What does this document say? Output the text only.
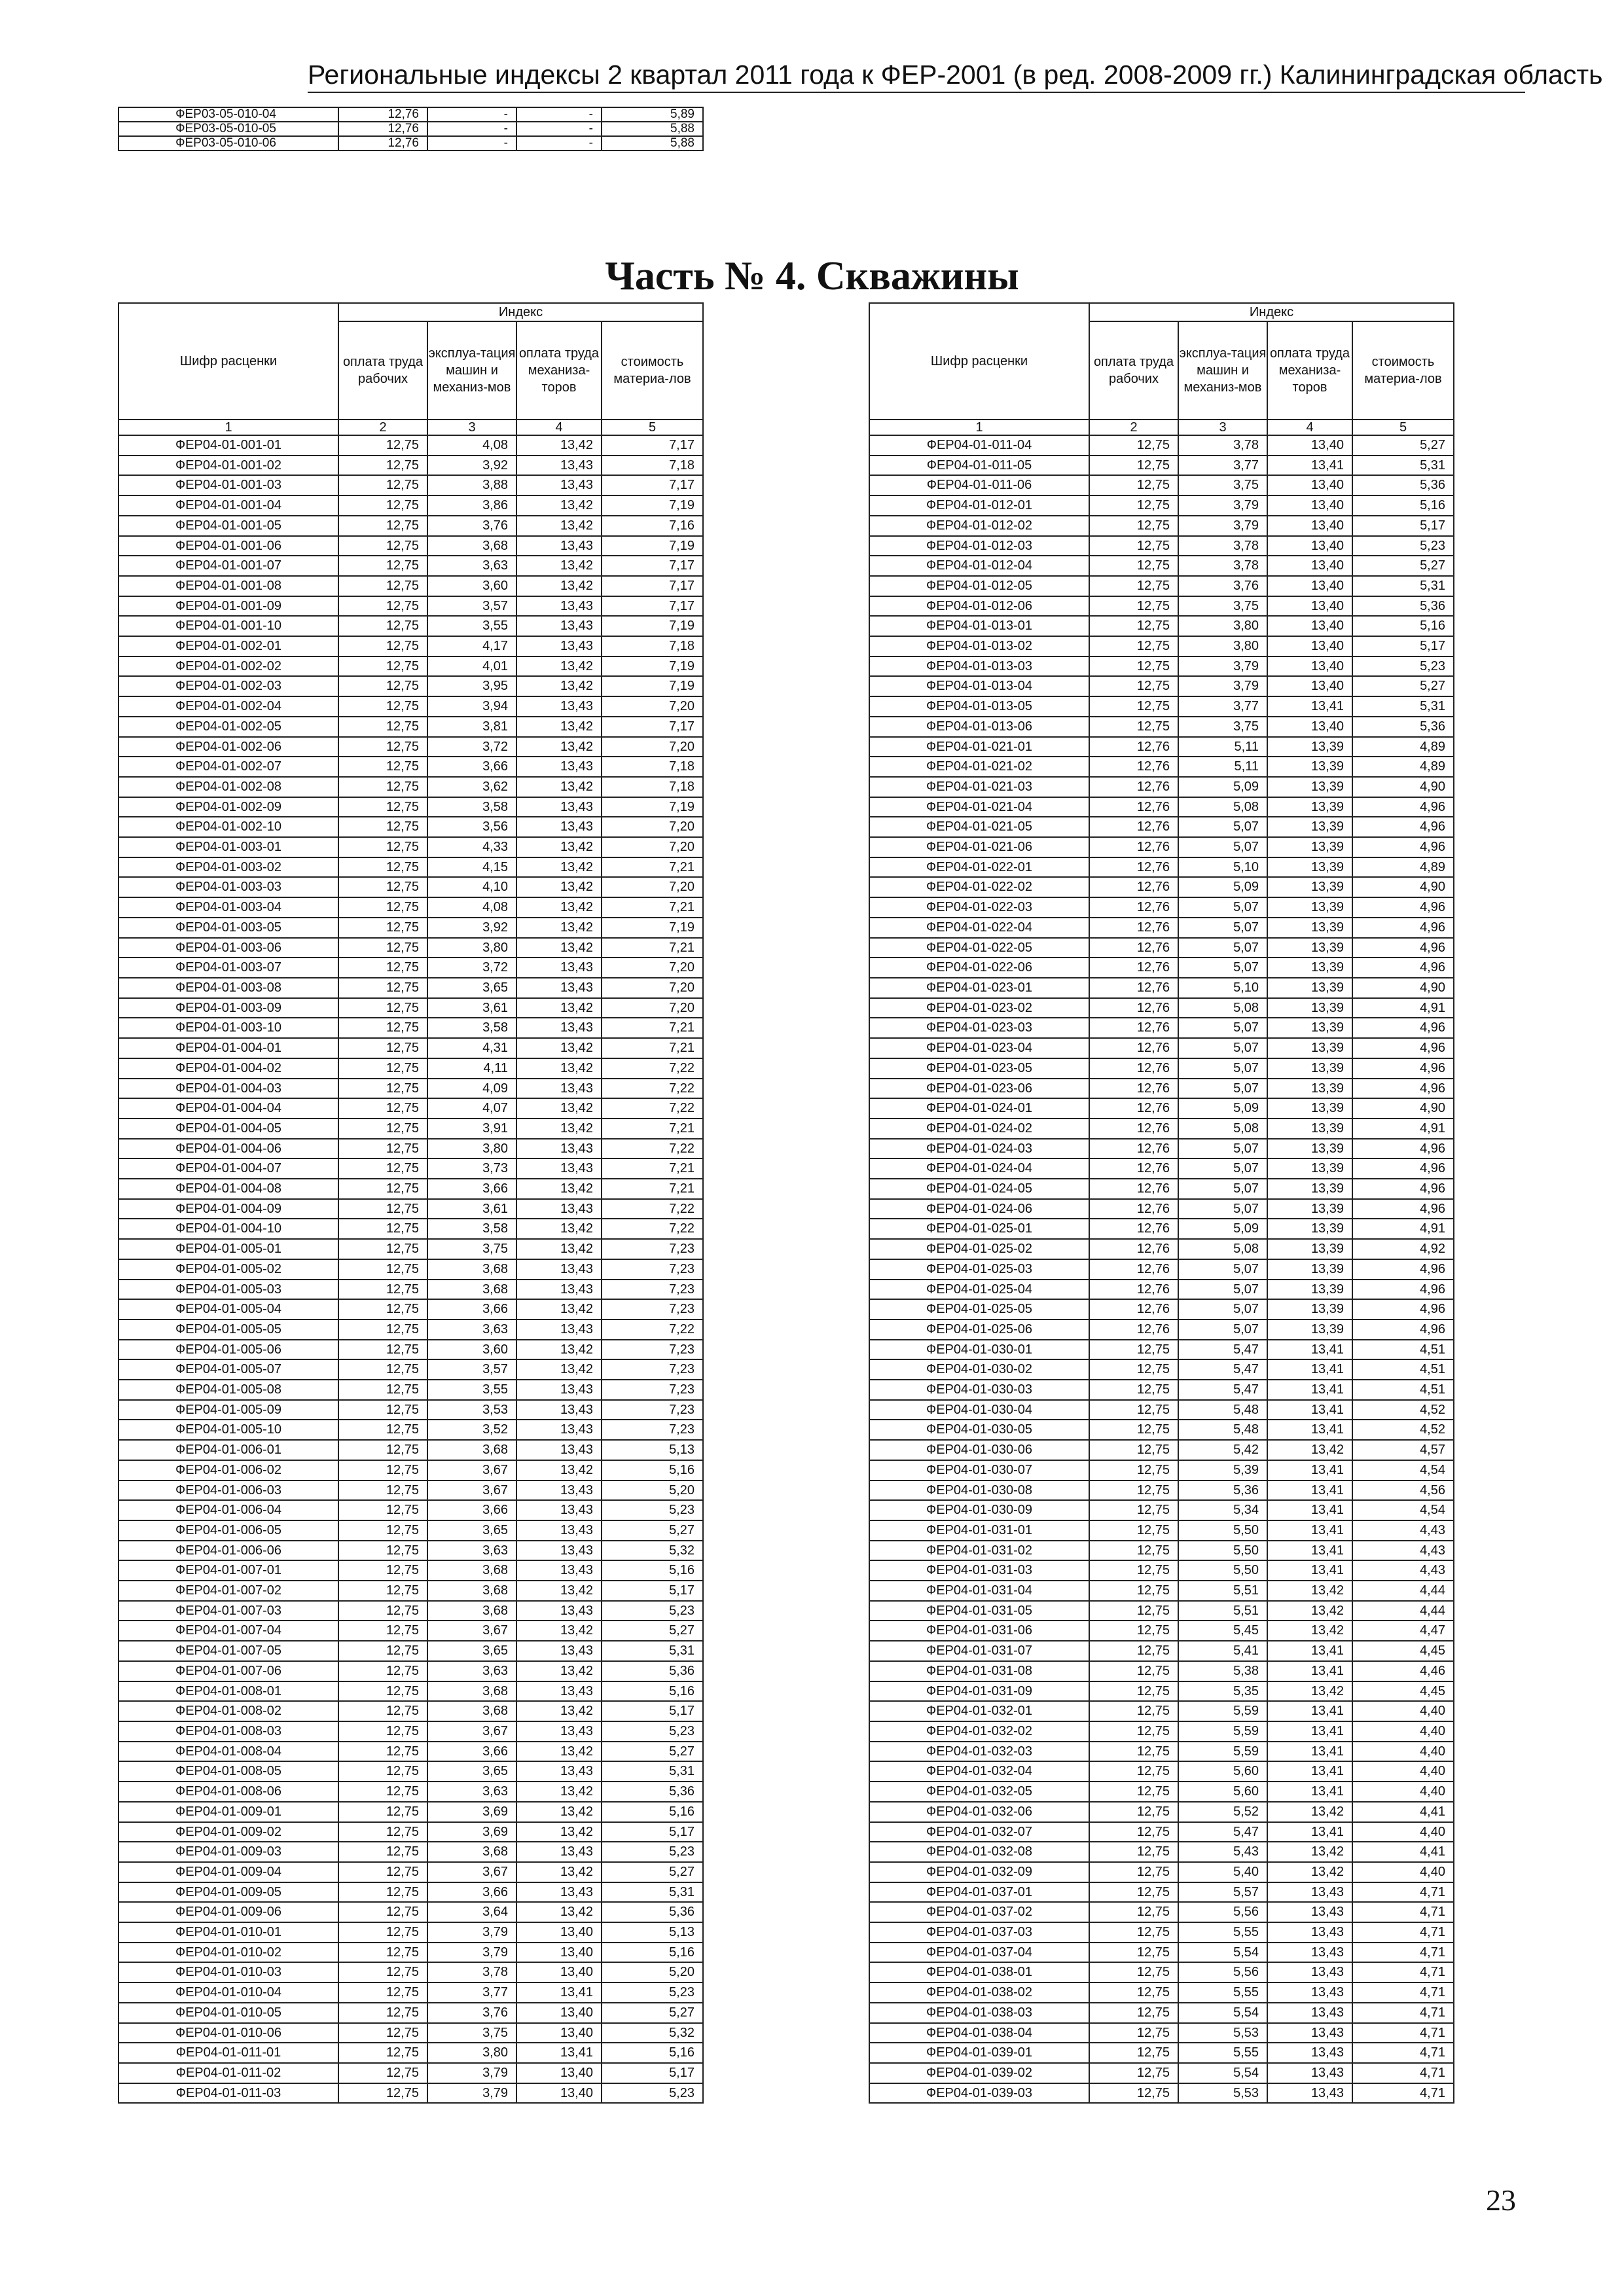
Региональные индексы 2 квартал 2011 года к ФЕР-2001 (в ред. 2008-2009 гг.) Калининградская область
ФЕР03-05-010-04	12,76	-	-	5,89
ФЕР03-05-010-05	12,76	-	-	5,88
ФЕР03-05-010-06	12,76	-	-	5,88
Часть № 4. Скважины
Шифр расценки	Индекс			
	оплата труда рабочих	эксплуа-тация машин и механиз-мов	оплата труда механиза-торов	стоимость материа-лов
1	2	3	4	5
ФЕР04-01-001-01	12,75	4,08	13,42	7,17
ФЕР04-01-001-02	12,75	3,92	13,43	7,18
ФЕР04-01-001-03	12,75	3,88	13,43	7,17
ФЕР04-01-001-04	12,75	3,86	13,42	7,19
ФЕР04-01-001-05	12,75	3,76	13,42	7,16
ФЕР04-01-001-06	12,75	3,68	13,43	7,19
ФЕР04-01-001-07	12,75	3,63	13,42	7,17
ФЕР04-01-001-08	12,75	3,60	13,42	7,17
ФЕР04-01-001-09	12,75	3,57	13,43	7,17
ФЕР04-01-001-10	12,75	3,55	13,43	7,19
ФЕР04-01-002-01	12,75	4,17	13,43	7,18
ФЕР04-01-002-02	12,75	4,01	13,42	7,19
ФЕР04-01-002-03	12,75	3,95	13,42	7,19
ФЕР04-01-002-04	12,75	3,94	13,43	7,20
ФЕР04-01-002-05	12,75	3,81	13,42	7,17
ФЕР04-01-002-06	12,75	3,72	13,42	7,20
ФЕР04-01-002-07	12,75	3,66	13,43	7,18
ФЕР04-01-002-08	12,75	3,62	13,42	7,18
ФЕР04-01-002-09	12,75	3,58	13,43	7,19
ФЕР04-01-002-10	12,75	3,56	13,43	7,20
ФЕР04-01-003-01	12,75	4,33	13,42	7,20
ФЕР04-01-003-02	12,75	4,15	13,42	7,21
ФЕР04-01-003-03	12,75	4,10	13,42	7,20
ФЕР04-01-003-04	12,75	4,08	13,42	7,21
ФЕР04-01-003-05	12,75	3,92	13,42	7,19
ФЕР04-01-003-06	12,75	3,80	13,42	7,21
ФЕР04-01-003-07	12,75	3,72	13,43	7,20
ФЕР04-01-003-08	12,75	3,65	13,43	7,20
ФЕР04-01-003-09	12,75	3,61	13,42	7,20
ФЕР04-01-003-10	12,75	3,58	13,43	7,21
ФЕР04-01-004-01	12,75	4,31	13,42	7,21
ФЕР04-01-004-02	12,75	4,11	13,42	7,22
ФЕР04-01-004-03	12,75	4,09	13,43	7,22
ФЕР04-01-004-04	12,75	4,07	13,42	7,22
ФЕР04-01-004-05	12,75	3,91	13,42	7,21
ФЕР04-01-004-06	12,75	3,80	13,43	7,22
ФЕР04-01-004-07	12,75	3,73	13,43	7,21
ФЕР04-01-004-08	12,75	3,66	13,42	7,21
ФЕР04-01-004-09	12,75	3,61	13,43	7,22
ФЕР04-01-004-10	12,75	3,58	13,42	7,22
ФЕР04-01-005-01	12,75	3,75	13,42	7,23
ФЕР04-01-005-02	12,75	3,68	13,43	7,23
ФЕР04-01-005-03	12,75	3,68	13,43	7,23
ФЕР04-01-005-04	12,75	3,66	13,42	7,23
ФЕР04-01-005-05	12,75	3,63	13,43	7,22
ФЕР04-01-005-06	12,75	3,60	13,42	7,23
ФЕР04-01-005-07	12,75	3,57	13,42	7,23
ФЕР04-01-005-08	12,75	3,55	13,43	7,23
ФЕР04-01-005-09	12,75	3,53	13,43	7,23
ФЕР04-01-005-10	12,75	3,52	13,43	7,23
ФЕР04-01-006-01	12,75	3,68	13,43	5,13
ФЕР04-01-006-02	12,75	3,67	13,42	5,16
ФЕР04-01-006-03	12,75	3,67	13,43	5,20
ФЕР04-01-006-04	12,75	3,66	13,43	5,23
ФЕР04-01-006-05	12,75	3,65	13,43	5,27
ФЕР04-01-006-06	12,75	3,63	13,43	5,32
ФЕР04-01-007-01	12,75	3,68	13,43	5,16
ФЕР04-01-007-02	12,75	3,68	13,42	5,17
ФЕР04-01-007-03	12,75	3,68	13,43	5,23
ФЕР04-01-007-04	12,75	3,67	13,42	5,27
ФЕР04-01-007-05	12,75	3,65	13,43	5,31
ФЕР04-01-007-06	12,75	3,63	13,42	5,36
ФЕР04-01-008-01	12,75	3,68	13,43	5,16
ФЕР04-01-008-02	12,75	3,68	13,42	5,17
ФЕР04-01-008-03	12,75	3,67	13,43	5,23
ФЕР04-01-008-04	12,75	3,66	13,42	5,27
ФЕР04-01-008-05	12,75	3,65	13,43	5,31
ФЕР04-01-008-06	12,75	3,63	13,42	5,36
ФЕР04-01-009-01	12,75	3,69	13,42	5,16
ФЕР04-01-009-02	12,75	3,69	13,42	5,17
ФЕР04-01-009-03	12,75	3,68	13,43	5,23
ФЕР04-01-009-04	12,75	3,67	13,42	5,27
ФЕР04-01-009-05	12,75	3,66	13,43	5,31
ФЕР04-01-009-06	12,75	3,64	13,42	5,36
ФЕР04-01-010-01	12,75	3,79	13,40	5,13
ФЕР04-01-010-02	12,75	3,79	13,40	5,16
ФЕР04-01-010-03	12,75	3,78	13,40	5,20
ФЕР04-01-010-04	12,75	3,77	13,41	5,23
ФЕР04-01-010-05	12,75	3,76	13,40	5,27
ФЕР04-01-010-06	12,75	3,75	13,40	5,32
ФЕР04-01-011-01	12,75	3,80	13,41	5,16
ФЕР04-01-011-02	12,75	3,79	13,40	5,17
ФЕР04-01-011-03	12,75	3,79	13,40	5,23
Шифр расценки	Индекс			
	оплата труда рабочих	эксплуа-тация машин и механиз-мов	оплата труда механиза-торов	стоимость материа-лов
1	2	3	4	5
ФЕР04-01-011-04	12,75	3,78	13,40	5,27
ФЕР04-01-011-05	12,75	3,77	13,41	5,31
ФЕР04-01-011-06	12,75	3,75	13,40	5,36
ФЕР04-01-012-01	12,75	3,79	13,40	5,16
ФЕР04-01-012-02	12,75	3,79	13,40	5,17
ФЕР04-01-012-03	12,75	3,78	13,40	5,23
ФЕР04-01-012-04	12,75	3,78	13,40	5,27
ФЕР04-01-012-05	12,75	3,76	13,40	5,31
ФЕР04-01-012-06	12,75	3,75	13,40	5,36
ФЕР04-01-013-01	12,75	3,80	13,40	5,16
ФЕР04-01-013-02	12,75	3,80	13,40	5,17
ФЕР04-01-013-03	12,75	3,79	13,40	5,23
ФЕР04-01-013-04	12,75	3,79	13,40	5,27
ФЕР04-01-013-05	12,75	3,77	13,41	5,31
ФЕР04-01-013-06	12,75	3,75	13,40	5,36
ФЕР04-01-021-01	12,76	5,11	13,39	4,89
ФЕР04-01-021-02	12,76	5,11	13,39	4,89
ФЕР04-01-021-03	12,76	5,09	13,39	4,90
ФЕР04-01-021-04	12,76	5,08	13,39	4,96
ФЕР04-01-021-05	12,76	5,07	13,39	4,96
ФЕР04-01-021-06	12,76	5,07	13,39	4,96
ФЕР04-01-022-01	12,76	5,10	13,39	4,89
ФЕР04-01-022-02	12,76	5,09	13,39	4,90
ФЕР04-01-022-03	12,76	5,07	13,39	4,96
ФЕР04-01-022-04	12,76	5,07	13,39	4,96
ФЕР04-01-022-05	12,76	5,07	13,39	4,96
ФЕР04-01-022-06	12,76	5,07	13,39	4,96
ФЕР04-01-023-01	12,76	5,10	13,39	4,90
ФЕР04-01-023-02	12,76	5,08	13,39	4,91
ФЕР04-01-023-03	12,76	5,07	13,39	4,96
ФЕР04-01-023-04	12,76	5,07	13,39	4,96
ФЕР04-01-023-05	12,76	5,07	13,39	4,96
ФЕР04-01-023-06	12,76	5,07	13,39	4,96
ФЕР04-01-024-01	12,76	5,09	13,39	4,90
ФЕР04-01-024-02	12,76	5,08	13,39	4,91
ФЕР04-01-024-03	12,76	5,07	13,39	4,96
ФЕР04-01-024-04	12,76	5,07	13,39	4,96
ФЕР04-01-024-05	12,76	5,07	13,39	4,96
ФЕР04-01-024-06	12,76	5,07	13,39	4,96
ФЕР04-01-025-01	12,76	5,09	13,39	4,91
ФЕР04-01-025-02	12,76	5,08	13,39	4,92
ФЕР04-01-025-03	12,76	5,07	13,39	4,96
ФЕР04-01-025-04	12,76	5,07	13,39	4,96
ФЕР04-01-025-05	12,76	5,07	13,39	4,96
ФЕР04-01-025-06	12,76	5,07	13,39	4,96
ФЕР04-01-030-01	12,75	5,47	13,41	4,51
ФЕР04-01-030-02	12,75	5,47	13,41	4,51
ФЕР04-01-030-03	12,75	5,47	13,41	4,51
ФЕР04-01-030-04	12,75	5,48	13,41	4,52
ФЕР04-01-030-05	12,75	5,48	13,41	4,52
ФЕР04-01-030-06	12,75	5,42	13,42	4,57
ФЕР04-01-030-07	12,75	5,39	13,41	4,54
ФЕР04-01-030-08	12,75	5,36	13,41	4,56
ФЕР04-01-030-09	12,75	5,34	13,41	4,54
ФЕР04-01-031-01	12,75	5,50	13,41	4,43
ФЕР04-01-031-02	12,75	5,50	13,41	4,43
ФЕР04-01-031-03	12,75	5,50	13,41	4,43
ФЕР04-01-031-04	12,75	5,51	13,42	4,44
ФЕР04-01-031-05	12,75	5,51	13,42	4,44
ФЕР04-01-031-06	12,75	5,45	13,42	4,47
ФЕР04-01-031-07	12,75	5,41	13,41	4,45
ФЕР04-01-031-08	12,75	5,38	13,41	4,46
ФЕР04-01-031-09	12,75	5,35	13,42	4,45
ФЕР04-01-032-01	12,75	5,59	13,41	4,40
ФЕР04-01-032-02	12,75	5,59	13,41	4,40
ФЕР04-01-032-03	12,75	5,59	13,41	4,40
ФЕР04-01-032-04	12,75	5,60	13,41	4,40
ФЕР04-01-032-05	12,75	5,60	13,41	4,40
ФЕР04-01-032-06	12,75	5,52	13,42	4,41
ФЕР04-01-032-07	12,75	5,47	13,41	4,40
ФЕР04-01-032-08	12,75	5,43	13,42	4,41
ФЕР04-01-032-09	12,75	5,40	13,42	4,40
ФЕР04-01-037-01	12,75	5,57	13,43	4,71
ФЕР04-01-037-02	12,75	5,56	13,43	4,71
ФЕР04-01-037-03	12,75	5,55	13,43	4,71
ФЕР04-01-037-04	12,75	5,54	13,43	4,71
ФЕР04-01-038-01	12,75	5,56	13,43	4,71
ФЕР04-01-038-02	12,75	5,55	13,43	4,71
ФЕР04-01-038-03	12,75	5,54	13,43	4,71
ФЕР04-01-038-04	12,75	5,53	13,43	4,71
ФЕР04-01-039-01	12,75	5,55	13,43	4,71
ФЕР04-01-039-02	12,75	5,54	13,43	4,71
ФЕР04-01-039-03	12,75	5,53	13,43	4,71
23
